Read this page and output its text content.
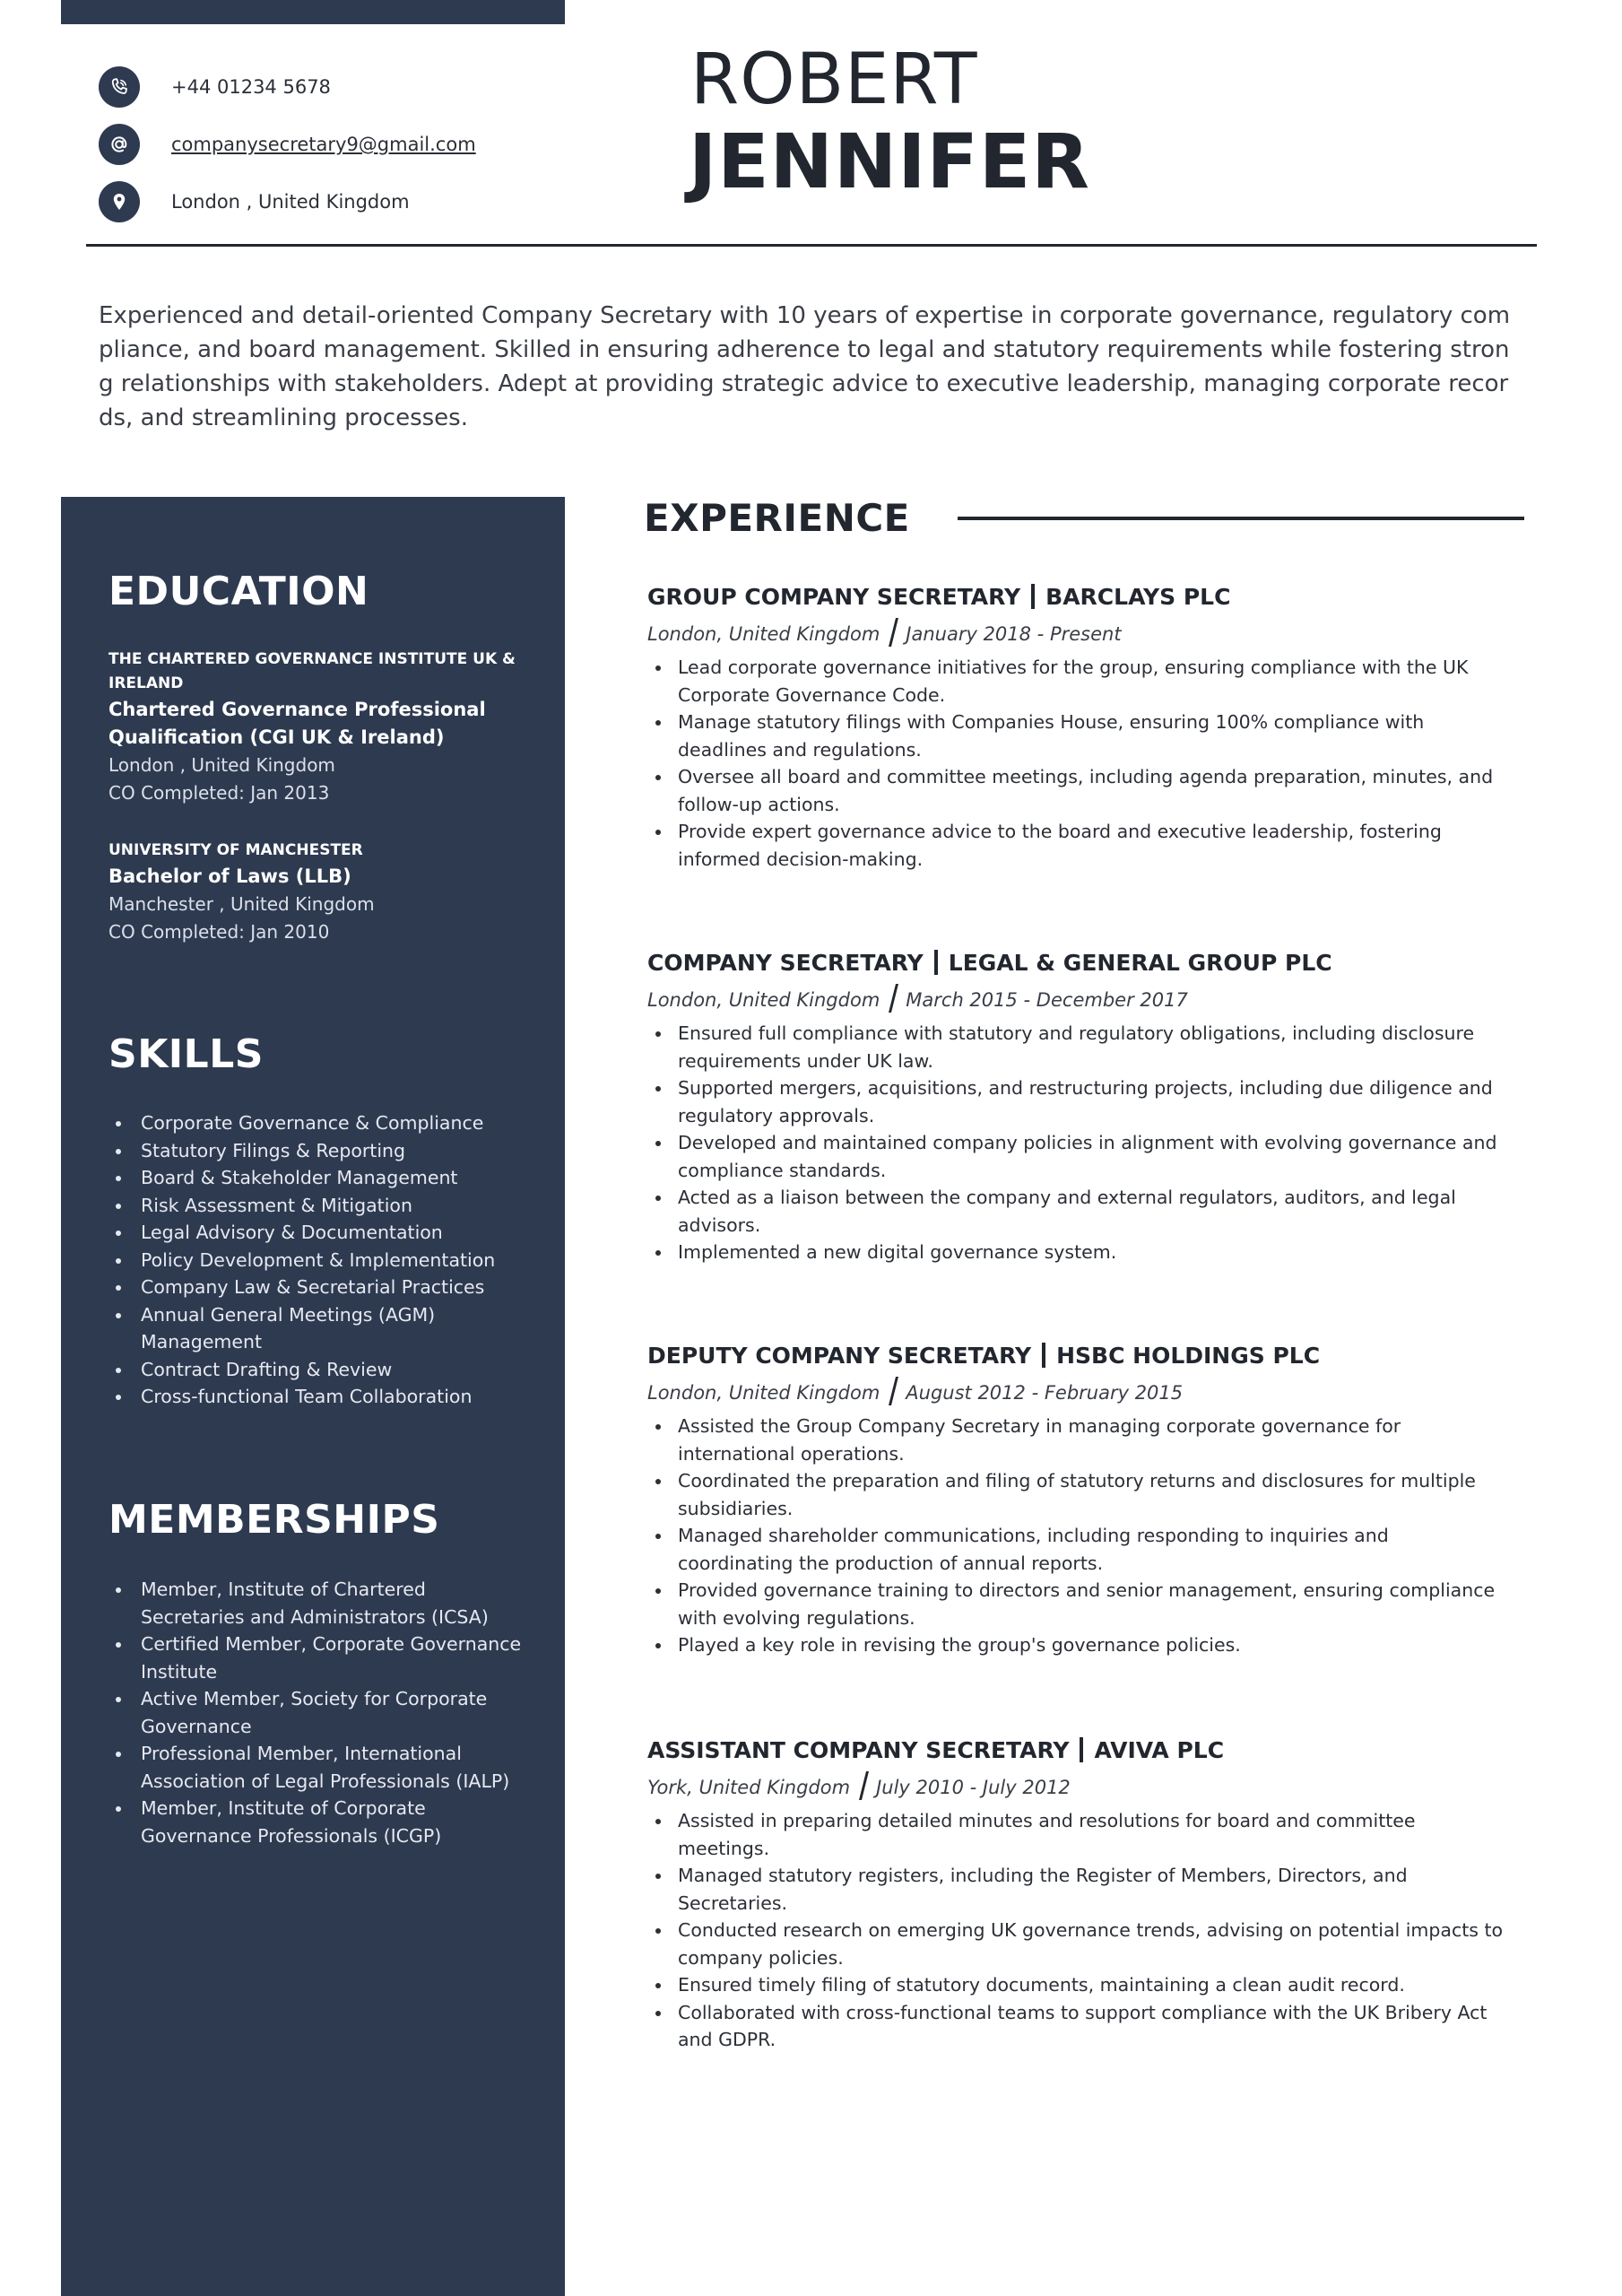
+44 01234 5678
companysecretary9@gmail.com
London , United Kingdom
ROBERT
JENNIFER

Experienced and detail-oriented Company Secretary with 10 years of expertise in corporate governance, regulatory compliance, and board management. Skilled in ensuring adherence to legal and statutory requirements while fostering strong relationships with stakeholders. Adept at providing strategic advice to executive leadership, managing corporate records, and streamlining processes.

EDUCATION
THE CHARTERED GOVERNANCE INSTITUTE UK & IRELAND
Chartered Governance Professional Qualification (CGI UK & Ireland)
London , United Kingdom
CO Completed: Jan 2013
UNIVERSITY OF MANCHESTER
Bachelor of Laws (LLB)
Manchester , United Kingdom
CO Completed: Jan 2010
SKILLS
Corporate Governance & Compliance
Statutory Filings & Reporting
Board & Stakeholder Management
Risk Assessment & Mitigation
Legal Advisory & Documentation
Policy Development & Implementation
Company Law & Secretarial Practices
Annual General Meetings (AGM) Management
Contract Drafting & Review
Cross-functional Team Collaboration
MEMBERSHIPS
Member, Institute of Chartered Secretaries and Administrators (ICSA)
Certified Member, Corporate Governance Institute
Active Member, Society for Corporate Governance
Professional Member, International Association of Legal Professionals (IALP)
Member, Institute of Corporate Governance Professionals (ICGP)
EXPERIENCE
GROUP COMPANY SECRETARY BARCLAYS PLC
London, United Kingdom January 2018 - Present
Lead corporate governance initiatives for the group, ensuring compliance with the UK Corporate Governance Code.
Manage statutory filings with Companies House, ensuring 100% compliance with deadlines and regulations.
Oversee all board and committee meetings, including agenda preparation, minutes, and follow-up actions.
Provide expert governance advice to the board and executive leadership, fostering informed decision-making.
COMPANY SECRETARY LEGAL & GENERAL GROUP PLC
London, United Kingdom March 2015 - December 2017
Ensured full compliance with statutory and regulatory obligations, including disclosure requirements under UK law.
Supported mergers, acquisitions, and restructuring projects, including due diligence and regulatory approvals.
Developed and maintained company policies in alignment with evolving governance and compliance standards.
Acted as a liaison between the company and external regulators, auditors, and legal advisors.
Implemented a new digital governance system.
DEPUTY COMPANY SECRETARY HSBC HOLDINGS PLC
London, United Kingdom August 2012 - February 2015
Assisted the Group Company Secretary in managing corporate governance for international operations.
Coordinated the preparation and filing of statutory returns and disclosures for multiple subsidiaries.
Managed shareholder communications, including responding to inquiries and coordinating the production of annual reports.
Provided governance training to directors and senior management, ensuring compliance with evolving regulations.
Played a key role in revising the group's governance policies.
ASSISTANT COMPANY SECRETARY AVIVA PLC
York, United Kingdom July 2010 - July 2012
Assisted in preparing detailed minutes and resolutions for board and committee meetings.
Managed statutory registers, including the Register of Members, Directors, and Secretaries.
Conducted research on emerging UK governance trends, advising on potential impacts to company policies.
Ensured timely filing of statutory documents, maintaining a clean audit record.
Collaborated with cross-functional teams to support compliance with the UK Bribery Act and GDPR.
